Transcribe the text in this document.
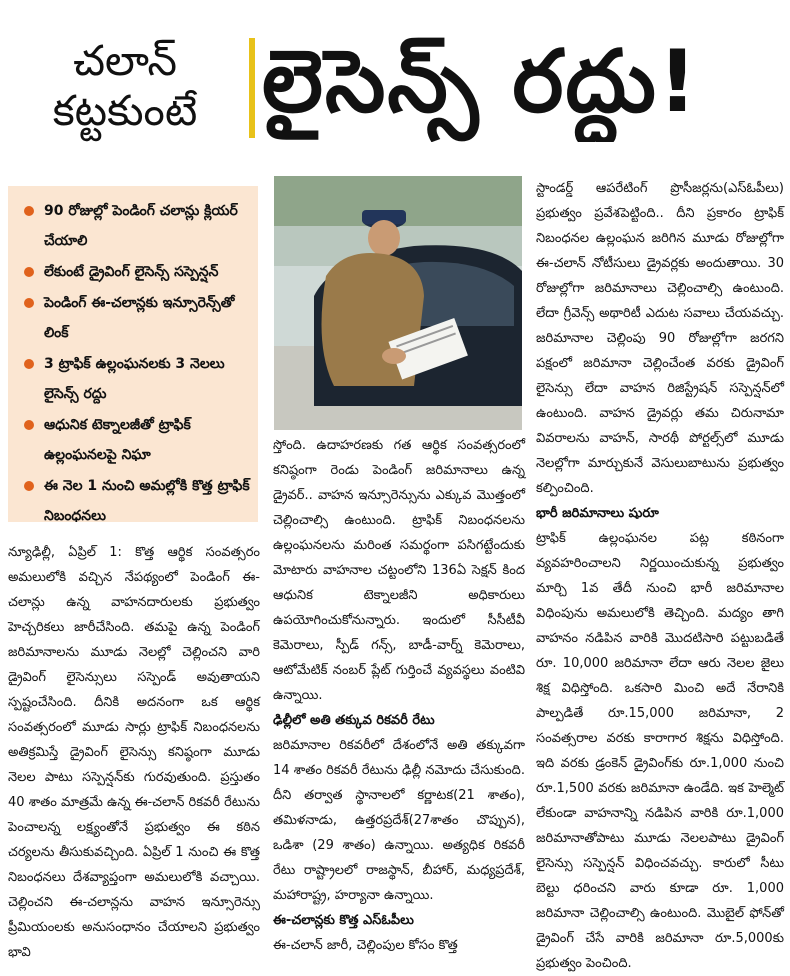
చలాన్
కట్టకుంటే లైసెన్స్ రద్దు!
90 రోజుల్లో పెండింగ్ చలాన్లు క్లియర్ చేయాలి
లేకుంటే డ్రైవింగ్ లైసెన్స్ సస్పెన్షన్
పెండింగ్ ఈ-చలాన్లకు ఇన్సూరెన్స్‌తో లింక్
3 ట్రాఫిక్ ఉల్లంఘనలకు 3 నెలలు లైసెన్స్ రద్దు
ఆధునిక టెక్నాలజీతో ట్రాఫిక్ ఉల్లంఘనలపై నిఘా
ఈ నెల 1 నుంచి అమల్లోకి కొత్త ట్రాఫిక్ నిబంధనలు

న్యూఢిల్లీ, ఏప్రిల్ 1: కొత్త ఆర్థిక సంవత్సరం అమలులోకి వచ్చిన నేపథ్యంలో పెండింగ్ ఈ-చలాన్లు ఉన్న వాహనదారులకు ప్రభుత్వం హెచ్చరికలు జారీచేసింది. తమపై ఉన్న పెండింగ్ జరిమానాలను మూడు నెలల్లో చెల్లించని వారి డ్రైవింగ్ లైసెన్సులు సస్పెండ్ అవుతాయని స్పష్టంచేసింది. దీనికి అదనంగా ఒక ఆర్థిక సంవత్సరంలో మూడు సార్లు ట్రాఫిక్ నిబంధనలను అతిక్రమిస్తే డ్రైవింగ్ లైసెన్సు కనిష్ఠంగా మూడు నెలల పాటు సస్పెన్షన్‌కు గురవుతుంది. ప్రస్తుతం 40 శాతం మాత్రమే ఉన్న ఈ-చలాన్ రికవరీ రేటును పెంచాలన్న లక్ష్యంతోనే ప్రభుత్వం ఈ కఠిన చర్యలను తీసుకువచ్చింది. ఏప్రిల్ 1 నుంచి ఈ కొత్త నిబంధనలు దేశవ్యాప్తంగా అమలులోకి వచ్చాయి. చెల్లించని ఈ-చలాన్లను వాహన ఇన్సూరెన్సు ప్రీమియంలకు అనుసంధానం చేయాలని ప్రభుత్వం భావి

స్తోంది. ఉదాహరణకు గత ఆర్థిక సంవత్సరంలో కనిష్ఠంగా రెండు పెండింగ్ జరిమానాలు ఉన్న డ్రైవర్.. వాహన ఇన్సూరెన్సును ఎక్కువ మొత్తంలో చెల్లించాల్సి ఉంటుంది. ట్రాఫిక్ నిబంధనలను ఉల్లంఘనలను మరింత సమర్థంగా పసిగట్టేందుకు మోటారు వాహనాల చట్టంలోని 136ఏ సెక్షన్ కింద ఆధునిక టెక్నాలజీని అధికారులు ఉపయోగించుకోనున్నారు. ఇందులో సీసీటీవీ కెమెరాలు, స్పీడ్ గన్స్, బాడీ-వార్న్ కెమెరాలు, ఆటోమేటిక్ నంబర్ ప్లేట్ గుర్తించే వ్యవస్థలు వంటివి ఉన్నాయి.

ఢిల్లీలో అతి తక్కువ రికవరీ రేటు

జరిమానాల రికవరీలో దేశంలోనే అతి తక్కువగా 14 శాతం రికవరీ రేటును ఢిల్లీ నమోదు చేసుకుంది. దీని తర్వాత స్థానాలలో కర్ణాటక(21 శాతం), తమిళనాడు, ఉత్తరప్రదేశ్(27శాతం చొప్పున), ఒడిశా (29 శాతం) ఉన్నాయి. అత్యధిక రికవరీ రేటు రాష్ట్రాలలో రాజస్థాన్, బీహార్, మధ్యప్రదేశ్, మహారాష్ట్ర, హర్యానా ఉన్నాయి.

ఈ-చలాన్లకు కొత్త ఎస్ఓపీలు

ఈ-చలాన్ జారీ, చెల్లింపుల కోసం కొత్త

స్టాండర్డ్ ఆపరేటింగ్ ప్రొసీజర్లను(ఎస్ఓపీలు) ప్రభుత్వం ప్రవేశపెట్టింది.. దీని ప్రకారం ట్రాఫిక్ నిబంధనల ఉల్లంఘన జరిగిన మూడు రోజుల్లోగా ఈ-చలాన్ నోటీసులు డ్రైవర్లకు అందుతాయి. 30 రోజుల్లోగా జరిమానాలు చెల్లించాల్సి ఉంటుంది. లేదా గ్రీవెన్స్ అథారిటీ ఎదుట సవాలు చేయవచ్చు. జరిమానాల చెల్లింపు 90 రోజుల్లోగా జరగని పక్షంలో జరిమానా చెల్లించేంత వరకు డ్రైవింగ్ లైసెన్సు లేదా వాహన రిజిస్ట్రేషన్ సస్పెన్షన్‌లో ఉంటుంది. వాహన డ్రైవర్లు తమ చిరునామా వివరాలను వాహన్, సారథీ పోర్టల్స్‌లో మూడు నెలల్లోగా మార్చుకునే వెసులుబాటును ప్రభుత్వం కల్పించింది.

భారీ జరిమానాలు షురూ

ట్రాఫిక్ ఉల్లంఘనల పట్ల కఠినంగా వ్యవహరించాలని నిర్ణయించుకున్న ప్రభుత్వం మార్చి 1వ తేదీ నుంచి భారీ జరిమానాల విధింపును అమలులోకి తెచ్చింది. మద్యం తాగి వాహనం నడిపిన వారికి మొదటిసారి పట్టుబడితే రూ. 10,000 జరిమానా లేదా ఆరు నెలల జైలు శిక్ష విధిస్తోంది. ఒకసారి మించి అదే నేరానికి పాల్పడితే రూ.15,000 జరిమానా, 2 సంవత్సరాల వరకు కారాగార శిక్షను విధిస్తోంది. ఇది వరకు డ్రంకెన్ డ్రైవింగ్‌కు రూ.1,000 నుంచి రూ.1,500 వరకు జరిమానా ఉండేది. ఇక హెల్మెట్ లేకుండా వాహనాన్ని నడిపిన వారికి రూ.1,000 జరిమానాతోపాటు మూడు నెలలపాటు డ్రైవింగ్ లైసెన్సు సస్పెన్షన్ విధించవచ్చు. కారులో సీటు బెల్టు ధరించని వారు కూడా రూ. 1,000 జరిమానా చెల్లించాల్సి ఉంటుంది. మొబైల్ ఫోన్‌తో డ్రైవింగ్ చేసే వారికి జరిమానా రూ.5,000కు ప్రభుత్వం పెంచింది.
